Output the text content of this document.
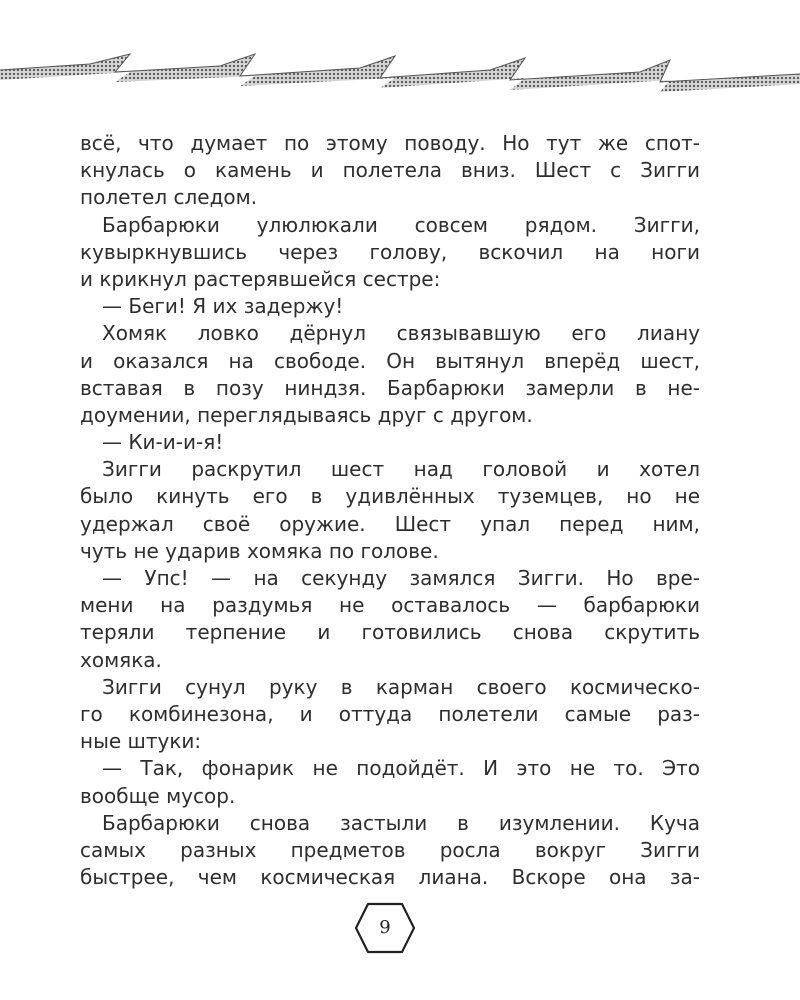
всё, что думает по этому поводу. Но тут же спот-
кнулась о камень и полетела вниз. Шест с Зигги
полетел следом.
Барбарюки улюлюкали совсем рядом. Зигги,
кувыркнувшись через голову, вскочил на ноги
и крикнул растерявшейся сестре:
— Беги! Я их задержу!
Хомяк ловко дёрнул связывавшую его лиану
и оказался на свободе. Он вытянул вперёд шест,
вставая в позу ниндзя. Барбарюки замерли в не-
доумении, переглядываясь друг с другом.
— Ки-и-и-я!
Зигги раскрутил шест над головой и хотел
было кинуть его в удивлённых туземцев, но не
удержал своё оружие. Шест упал перед ним,
чуть не ударив хомяка по голове.
— Упс! — на секунду замялся Зигги. Но вре-
мени на раздумья не оставалось — барбарюки
теряли терпение и готовились снова скрутить
хомяка.
Зигги сунул руку в карман своего космическо-
го комбинезона, и оттуда полетели самые раз-
ные штуки:
— Так, фонарик не подойдёт. И это не то. Это
вообще мусор.
Барбарюки снова застыли в изумлении. Куча
самых разных предметов росла вокруг Зигги
быстрее, чем космическая лиана. Вскоре она за-
9
